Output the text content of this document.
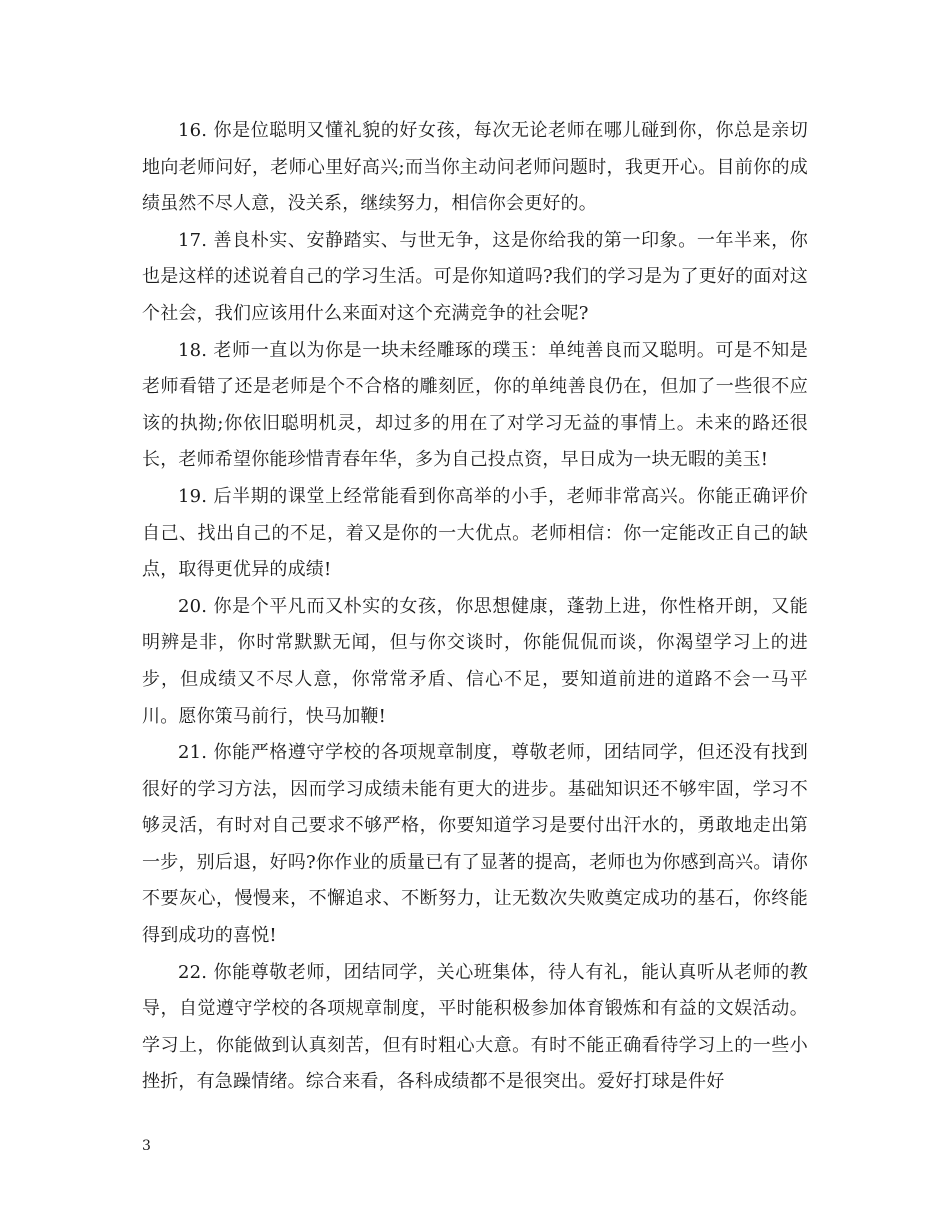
16. 你是位聪明又懂礼貌的好女孩，每次无论老师在哪儿碰到你，你总是亲切地向老师问好，老师心里好高兴;而当你主动问老师问题时，我更开心。目前你的成绩虽然不尽人意，没关系，继续努力，相信你会更好的。

17. 善良朴实、安静踏实、与世无争，这是你给我的第一印象。一年半来，你也是这样的述说着自己的学习生活。可是你知道吗?我们的学习是为了更好的面对这个社会，我们应该用什么来面对这个充满竞争的社会呢?

18. 老师一直以为你是一块未经雕琢的璞玉：单纯善良而又聪明。可是不知是老师看错了还是老师是个不合格的雕刻匠，你的单纯善良仍在，但加了一些很不应该的执拗;你依旧聪明机灵，却过多的用在了对学习无益的事情上。未来的路还很长，老师希望你能珍惜青春年华，多为自己投点资，早日成为一块无暇的美玉!

19. 后半期的课堂上经常能看到你高举的小手，老师非常高兴。你能正确评价自己、找出自己的不足，着又是你的一大优点。老师相信：你一定能改正自己的缺点，取得更优异的成绩!

20. 你是个平凡而又朴实的女孩，你思想健康，蓬勃上进，你性格开朗，又能明辨是非，你时常默默无闻，但与你交谈时，你能侃侃而谈，你渴望学习上的进步，但成绩又不尽人意，你常常矛盾、信心不足，要知道前进的道路不会一马平川。愿你策马前行，快马加鞭!

21. 你能严格遵守学校的各项规章制度，尊敬老师，团结同学，但还没有找到很好的学习方法，因而学习成绩未能有更大的进步。基础知识还不够牢固，学习不够灵活，有时对自己要求不够严格，你要知道学习是要付出汗水的，勇敢地走出第一步，别后退，好吗?你作业的质量已有了显著的提高，老师也为你感到高兴。请你不要灰心，慢慢来，不懈追求、不断努力，让无数次失败奠定成功的基石，你终能得到成功的喜悦!

22. 你能尊敬老师，团结同学，关心班集体，待人有礼，能认真听从老师的教导，自觉遵守学校的各项规章制度，平时能积极参加体育锻炼和有益的文娱活动。学习上，你能做到认真刻苦，但有时粗心大意。有时不能正确看待学习上的一些小挫折，有急躁情绪。综合来看，各科成绩都不是很突出。爱好打球是件好

3
